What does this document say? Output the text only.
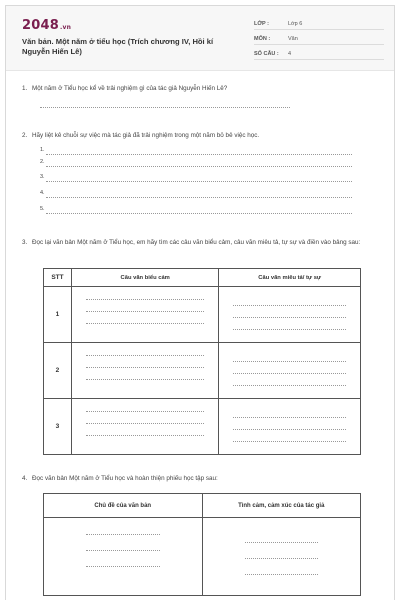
2048.vn
Văn bản. Một năm ở tiểu học (Trích chương IV, Hồi kí Nguyễn Hiến Lê)
LỚP :	Lớp 6
MÔN :	Văn
SỐ CÂU : 4
1. Một năm ở Tiểu học kể về trải nghiệm gì của tác giả Nguyễn Hiến Lê?
2. Hãy liệt kê chuỗi sự việc mà tác giả đã trải nghiệm trong một năm bỏ bê việc học.
1.
2.
3.
4.
5.
3. Đọc lại văn bản Một năm ở Tiểu học, em hãy tìm các câu văn biểu cảm, câu văn miêu tả, tự sự và điền vào bảng sau:
STT	Câu văn biểu cảm	Câu văn miêu tả/ tự sự
1	

2	

3	

4. Đọc văn bản Một năm ở Tiểu học và hoàn thiện phiếu học tập sau:
Chủ đề của văn bản	Tình cảm, cảm xúc của tác giả
